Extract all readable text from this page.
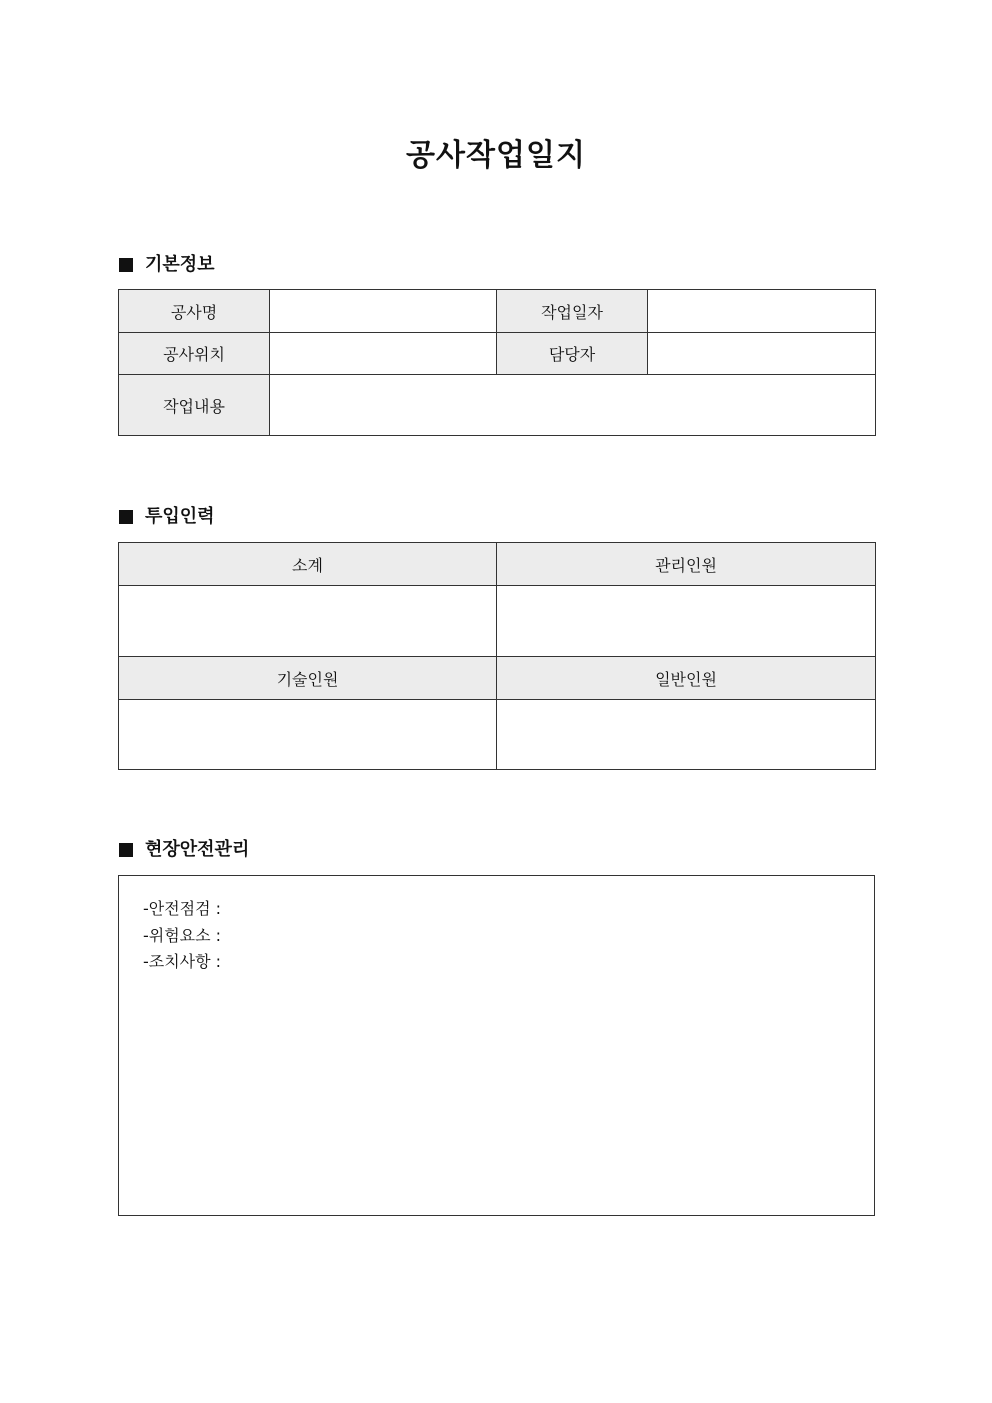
공사작업일지
기본정보
공사명		작업일자	
공사위치		담당자	
작업내용			
투입인력
소계	관리인원

기술인원	일반인원

현장안전관리
-안전점검 :
-위험요소 :
-조치사항 :
